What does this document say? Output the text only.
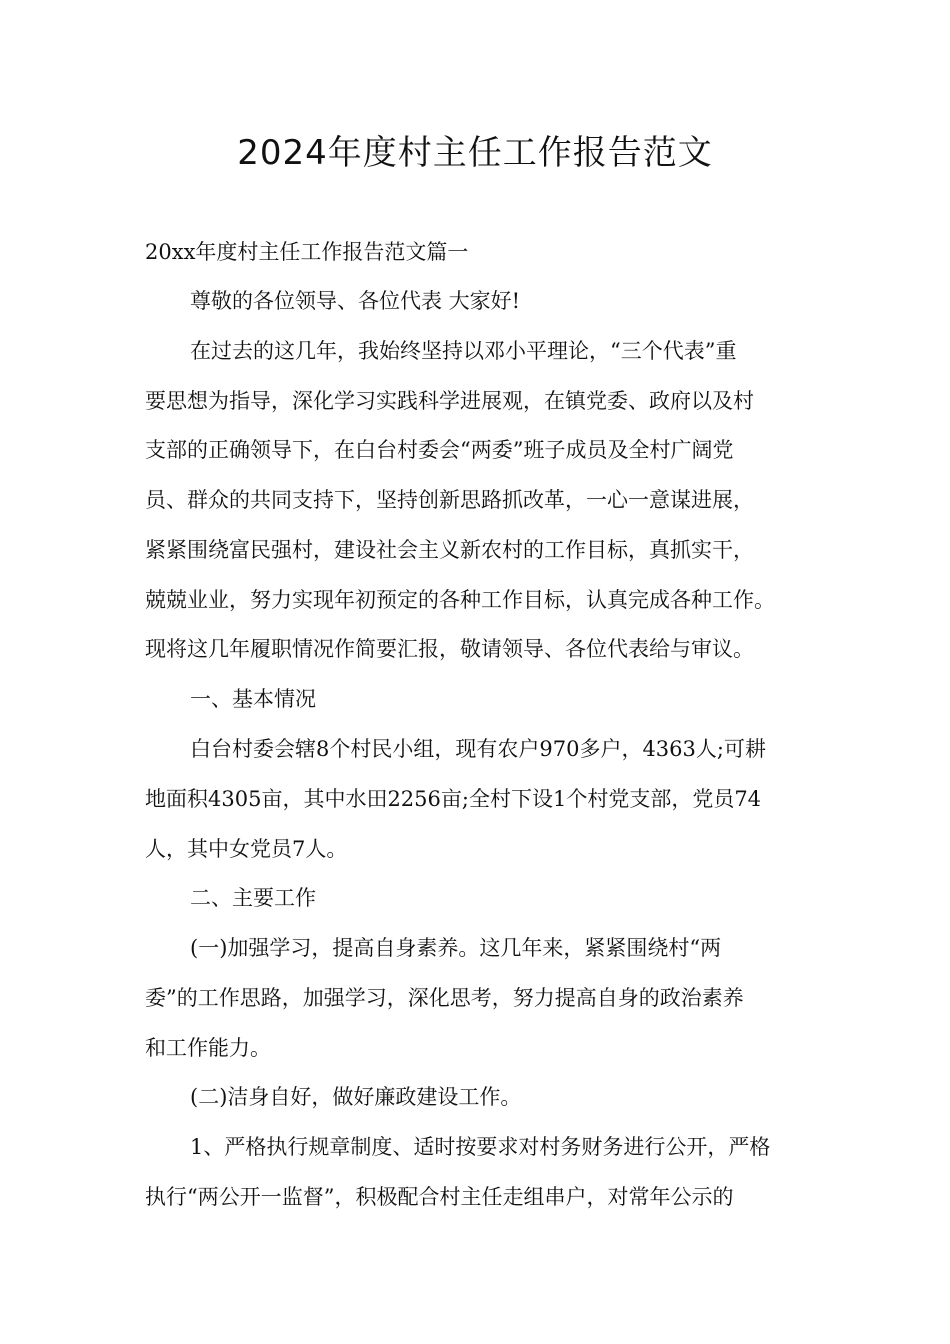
2024年度村主任工作报告范文
20xx年度村主任工作报告范文篇一
尊敬的各位领导、各位代表 大家好!
在过去的这几年，我始终坚持以邓小平理论，“三个代表”重
要思想为指导，深化学习实践科学进展观，在镇党委、政府以及村
支部的正确领导下，在白台村委会“两委”班子成员及全村广阔党
员、群众的共同支持下，坚持创新思路抓改革，一心一意谋进展，
紧紧围绕富民强村，建设社会主义新农村的工作目标，真抓实干，
兢兢业业，努力实现年初预定的各种工作目标，认真完成各种工作。
现将这几年履职情况作简要汇报，敬请领导、各位代表给与审议。
一、基本情况
白台村委会辖8个村民小组，现有农户970多户，4363人;可耕
地面积4305亩，其中水田2256亩;全村下设1个村党支部，党员74
人，其中女党员7人。
二、主要工作
(一)加强学习，提高自身素养。这几年来，紧紧围绕村“两
委”的工作思路，加强学习，深化思考，努力提高自身的政治素养
和工作能力。
(二)洁身自好，做好廉政建设工作。
1、严格执行规章制度、适时按要求对村务财务进行公开，严格
执行“两公开一监督”，积极配合村主任走组串户，对常年公示的
